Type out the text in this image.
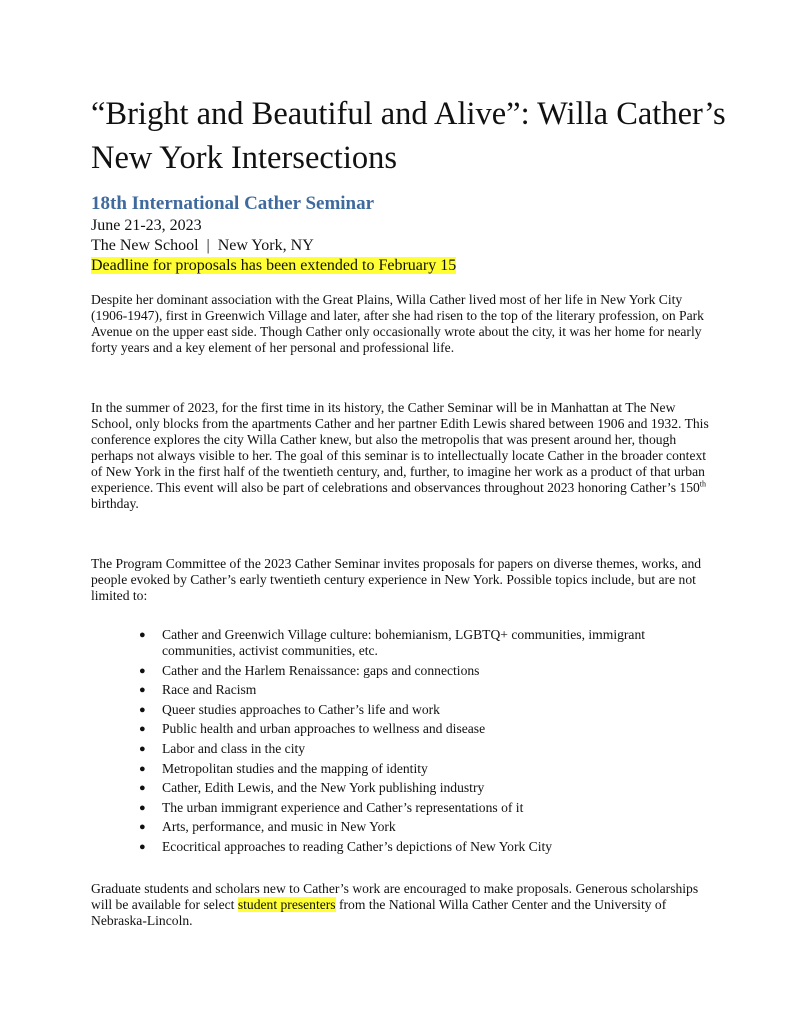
“Bright and Beautiful and Alive”: Willa Cather’s New York Intersections
18th International Cather Seminar
June 21-23, 2023
The New School  |  New York, NY
Deadline for proposals has been extended to February 15

Despite her dominant association with the Great Plains, Willa Cather lived most of her life in New York City (1906-1947), first in Greenwich Village and later, after she had risen to the top of the literary profession, on Park Avenue on the upper east side. Though Cather only occasionally wrote about the city, it was her home for nearly forty years and a key element of her personal and professional life.

In the summer of 2023, for the first time in its history, the Cather Seminar will be in Manhattan at The New School, only blocks from the apartments Cather and her partner Edith Lewis shared between 1906 and 1932. This conference explores the city Willa Cather knew, but also the metropolis that was present around her, though perhaps not always visible to her. The goal of this seminar is to intellectually locate Cather in the broader context of New York in the first half of the twentieth century, and, further, to imagine her work as a product of that urban experience. This event will also be part of celebrations and observances throughout 2023 honoring Cather’s 150th birthday.

The Program Committee of the 2023 Cather Seminar invites proposals for papers on diverse themes, works, and people evoked by Cather’s early twentieth century experience in New York. Possible topics include, but are not limited to:

● Cather and Greenwich Village culture: bohemianism, LGBTQ+ communities, immigrant communities, activist communities, etc.
● Cather and the Harlem Renaissance: gaps and connections
● Race and Racism
● Queer studies approaches to Cather’s life and work
● Public health and urban approaches to wellness and disease
● Labor and class in the city
● Metropolitan studies and the mapping of identity
● Cather, Edith Lewis, and the New York publishing industry
● The urban immigrant experience and Cather’s representations of it
● Arts, performance, and music in New York
● Ecocritical approaches to reading Cather’s depictions of New York City

Graduate students and scholars new to Cather’s work are encouraged to make proposals. Generous scholarships will be available for select student presenters from the National Willa Cather Center and the University of Nebraska-Lincoln.
